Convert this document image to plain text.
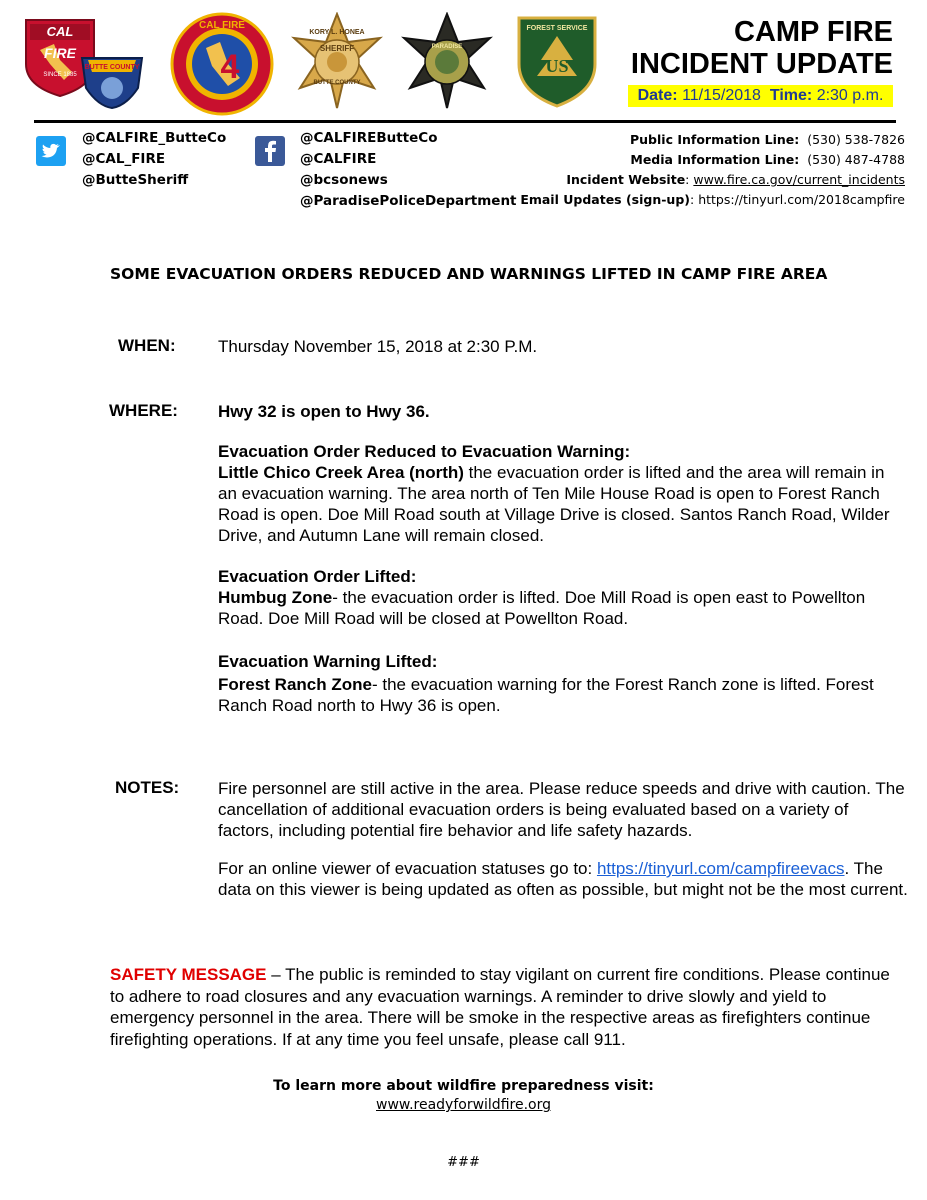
CAL
FIRE
SINCE 1885
BUTTE COUNTY 4
CAL FIRE
KORY L. HONEA
SHERIFF
BUTTE COUNTY
PARADISE
FOREST SERVICE
US
CAMP FIRE
INCIDENT UPDATE
Date: 11/15/2018 Time: 2:30 p.m.
@CALFIRE_ButteCo
@CAL_FIRE
@ButteSheriff
@CALFIREButteCo
@CALFIRE
@bcsonews
@ParadisePoliceDepartment
Public Information Line: (530) 538-7826
Media Information Line: (530) 487-4788
Incident Website: www.fire.ca.gov/current_incidents
Email Updates (sign-up): https://tinyurl.com/2018campfire
SOME EVACUATION ORDERS REDUCED AND WARNINGS LIFTED IN CAMP FIRE AREA
WHEN: Thursday November 15, 2018 at 2:30 P.M.
WHERE: Hwy 32 is open to Hwy 36.
Evacuation Order Reduced to Evacuation Warning:
Little Chico Creek Area (north) the evacuation order is lifted and the area will remain in an evacuation warning. The area north of Ten Mile House Road is open to Forest Ranch Road is open. Doe Mill Road south at Village Drive is closed. Santos Ranch Road, Wilder Drive, and Autumn Lane will remain closed.
Evacuation Order Lifted:
Humbug Zone- the evacuation order is lifted. Doe Mill Road is open east to Powellton Road. Doe Mill Road will be closed at Powellton Road.
Evacuation Warning Lifted:
Forest Ranch Zone- the evacuation warning for the Forest Ranch zone is lifted. Forest Ranch Road north to Hwy 36 is open.
NOTES: Fire personnel are still active in the area. Please reduce speeds and drive with caution. The cancellation of additional evacuation orders is being evaluated based on a variety of factors, including potential fire behavior and life safety hazards.
For an online viewer of evacuation statuses go to: https://tinyurl.com/campfireevacs. The data on this viewer is being updated as often as possible, but might not be the most current.
SAFETY MESSAGE – The public is reminded to stay vigilant on current fire conditions. Please continue to adhere to road closures and any evacuation warnings. A reminder to drive slowly and yield to emergency personnel in the area. There will be smoke in the respective areas as firefighters continue firefighting operations. If at any time you feel unsafe, please call 911.
To learn more about wildfire preparedness visit:
www.readyforwildfire.org
###
